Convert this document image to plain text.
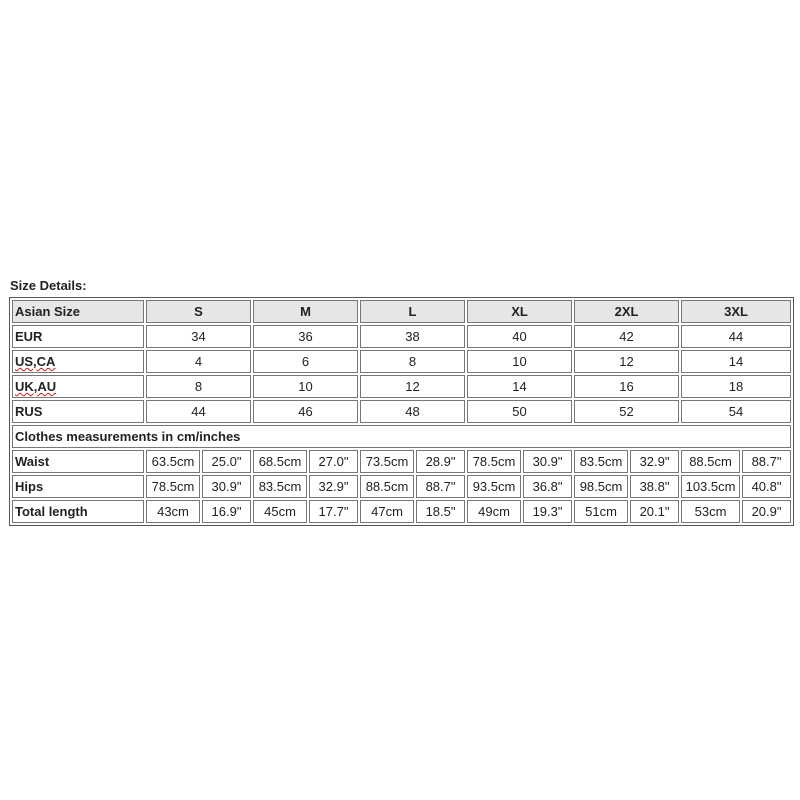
Size Details:
Asian Size	S		M		L		XL		2XL		3XL	
EUR	34		36		38		40		42		44	
US,CA	4		6		8		10		12		14	
UK,AU	8		10		12		14		16		18	
RUS	44		46		48		50		52		54	
Clothes measurements in cm/inches												
Waist	63.5cm	25.0"	68.5cm	27.0"	73.5cm	28.9"	78.5cm	30.9"	83.5cm	32.9"	88.5cm	88.7"
Hips	78.5cm	30.9"	83.5cm	32.9"	88.5cm	88.7"	93.5cm	36.8"	98.5cm	38.8"	103.5cm	40.8"
Total length	43cm	16.9"	45cm	17.7"	47cm	18.5"	49cm	19.3"	51cm	20.1"	53cm	20.9"
